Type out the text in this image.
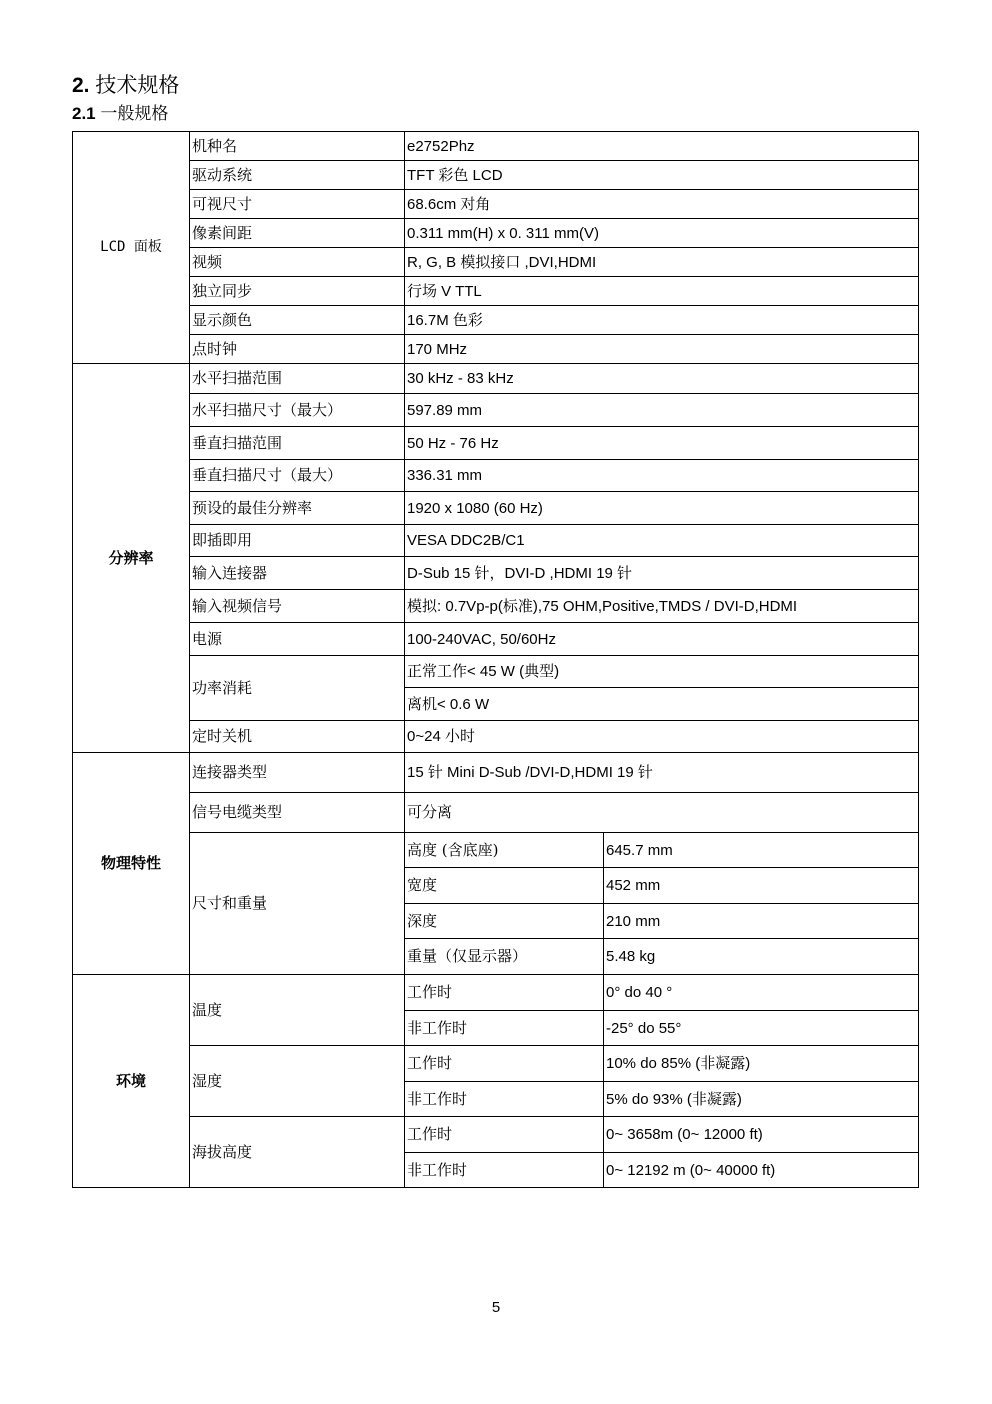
2. 技术规格
2.1 一般规格
LCD 面板	机种名	e2752Phz	
	驱动系统	TFT 彩色 LCD	
	可视尺寸	68.6cm 对角	
	像素间距	0.311 mm(H) x 0. 311 mm(V)	
	视频	R, G, B 模拟接口 ,DVI,HDMI	
	独立同步	行场 V TTL	
	显示颜色	16.7M 色彩	
	点时钟	170 MHz	
分辨率	水平扫描范围	30 kHz - 83 kHz	
	水平扫描尺寸（最大）	597.89 mm	
	垂直扫描范围	50 Hz - 76 Hz	
	垂直扫描尺寸（最大）	336.31 mm	
	预设的最佳分辨率	1920 x 1080 (60 Hz)	
	即插即用	VESA DDC2B/C1	
	输入连接器	D-Sub 15 针，DVI-D ,HDMI 19 针	
	输入视频信号	模拟: 0.7Vp-p(标准),75 OHM,Positive,TMDS / DVI-D,HDMI	
	电源	100-240VAC, 50/60Hz	
	功率消耗	正常工作< 45 W (典型)	
		离机< 0.6 W	
	定时关机	0~24 小时	
物理特性	连接器类型	15 针 Mini D-Sub /DVI-D,HDMI 19 针	
	信号电缆类型	可分离	
	尺寸和重量	高度 (含底座)	645.7 mm
		宽度	452 mm
		深度	210 mm
		重量（仅显示器）	5.48 kg
环境	温度	工作时	0° do 40 °
		非工作时	-25° do 55°
	湿度	工作时	10% do 85% (非凝露)
		非工作时	5% do 93% (非凝露)
	海拔高度	工作时	0~ 3658m (0~ 12000 ft)
		非工作时	0~ 12192 m (0~ 40000 ft)
5
